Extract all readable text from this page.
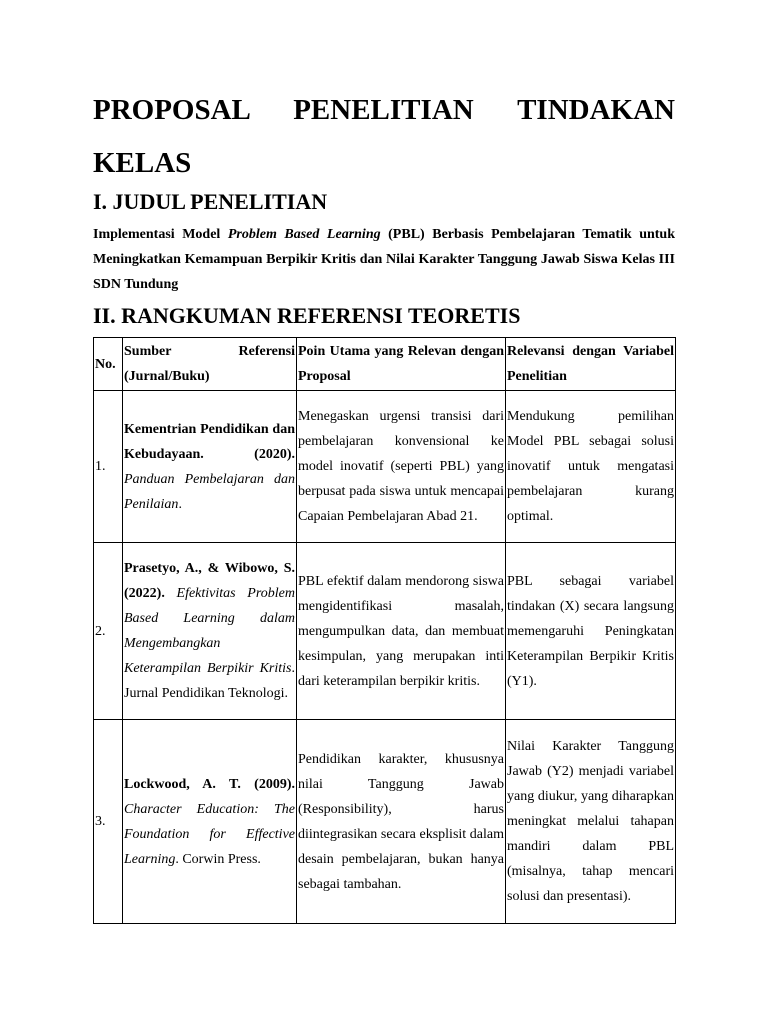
PROPOSAL PENELITIAN TINDAKAN KELAS
I. JUDUL PENELITIAN

Implementasi Model Problem Based Learning (PBL) Berbasis Pembelajaran Tematik untuk Meningkatkan Kemampuan Berpikir Kritis dan Nilai Karakter Tanggung Jawab Siswa Kelas III SDN Tundung

II. RANGKUMAN REFERENSI TEORETIS
No.	Sumber Referensi (Jurnal/Buku)	Poin Utama yang Relevan dengan Proposal	Relevansi dengan Variabel Penelitian
1.	Kementrian Pendidikan dan Kebudayaan. (2020). Panduan Pembelajaran dan Penilaian.	Menegaskan urgensi transisi dari pembelajaran konvensional ke model inovatif (seperti PBL) yang berpusat pada siswa untuk mencapai Capaian Pembelajaran Abad 21.	Mendukung pemilihan Model PBL sebagai solusi inovatif untuk mengatasi pembelajaran kurang optimal.
2.	Prasetyo, A., & Wibowo, S. (2022). Efektivitas Problem Based Learning dalam Mengembangkan Keterampilan Berpikir Kritis. Jurnal Pendidikan Teknologi.	PBL efektif dalam mendorong siswa mengidentifikasi masalah, mengumpulkan data, dan membuat kesimpulan, yang merupakan inti dari keterampilan berpikir kritis.	PBL sebagai variabel tindakan (X) secara langsung memengaruhi Peningkatan Keterampilan Berpikir Kritis (Y1).
3.	Lockwood, A. T. (2009). Character Education: The Foundation for Effective Learning. Corwin Press.	Pendidikan karakter, khususnya nilai Tanggung Jawab (Responsibility), harus diintegrasikan secara eksplisit dalam desain pembelajaran, bukan hanya sebagai tambahan.	Nilai Karakter Tanggung Jawab (Y2) menjadi variabel yang diukur, yang diharapkan meningkat melalui tahapan mandiri dalam PBL (misalnya, tahap mencari solusi dan presentasi).
